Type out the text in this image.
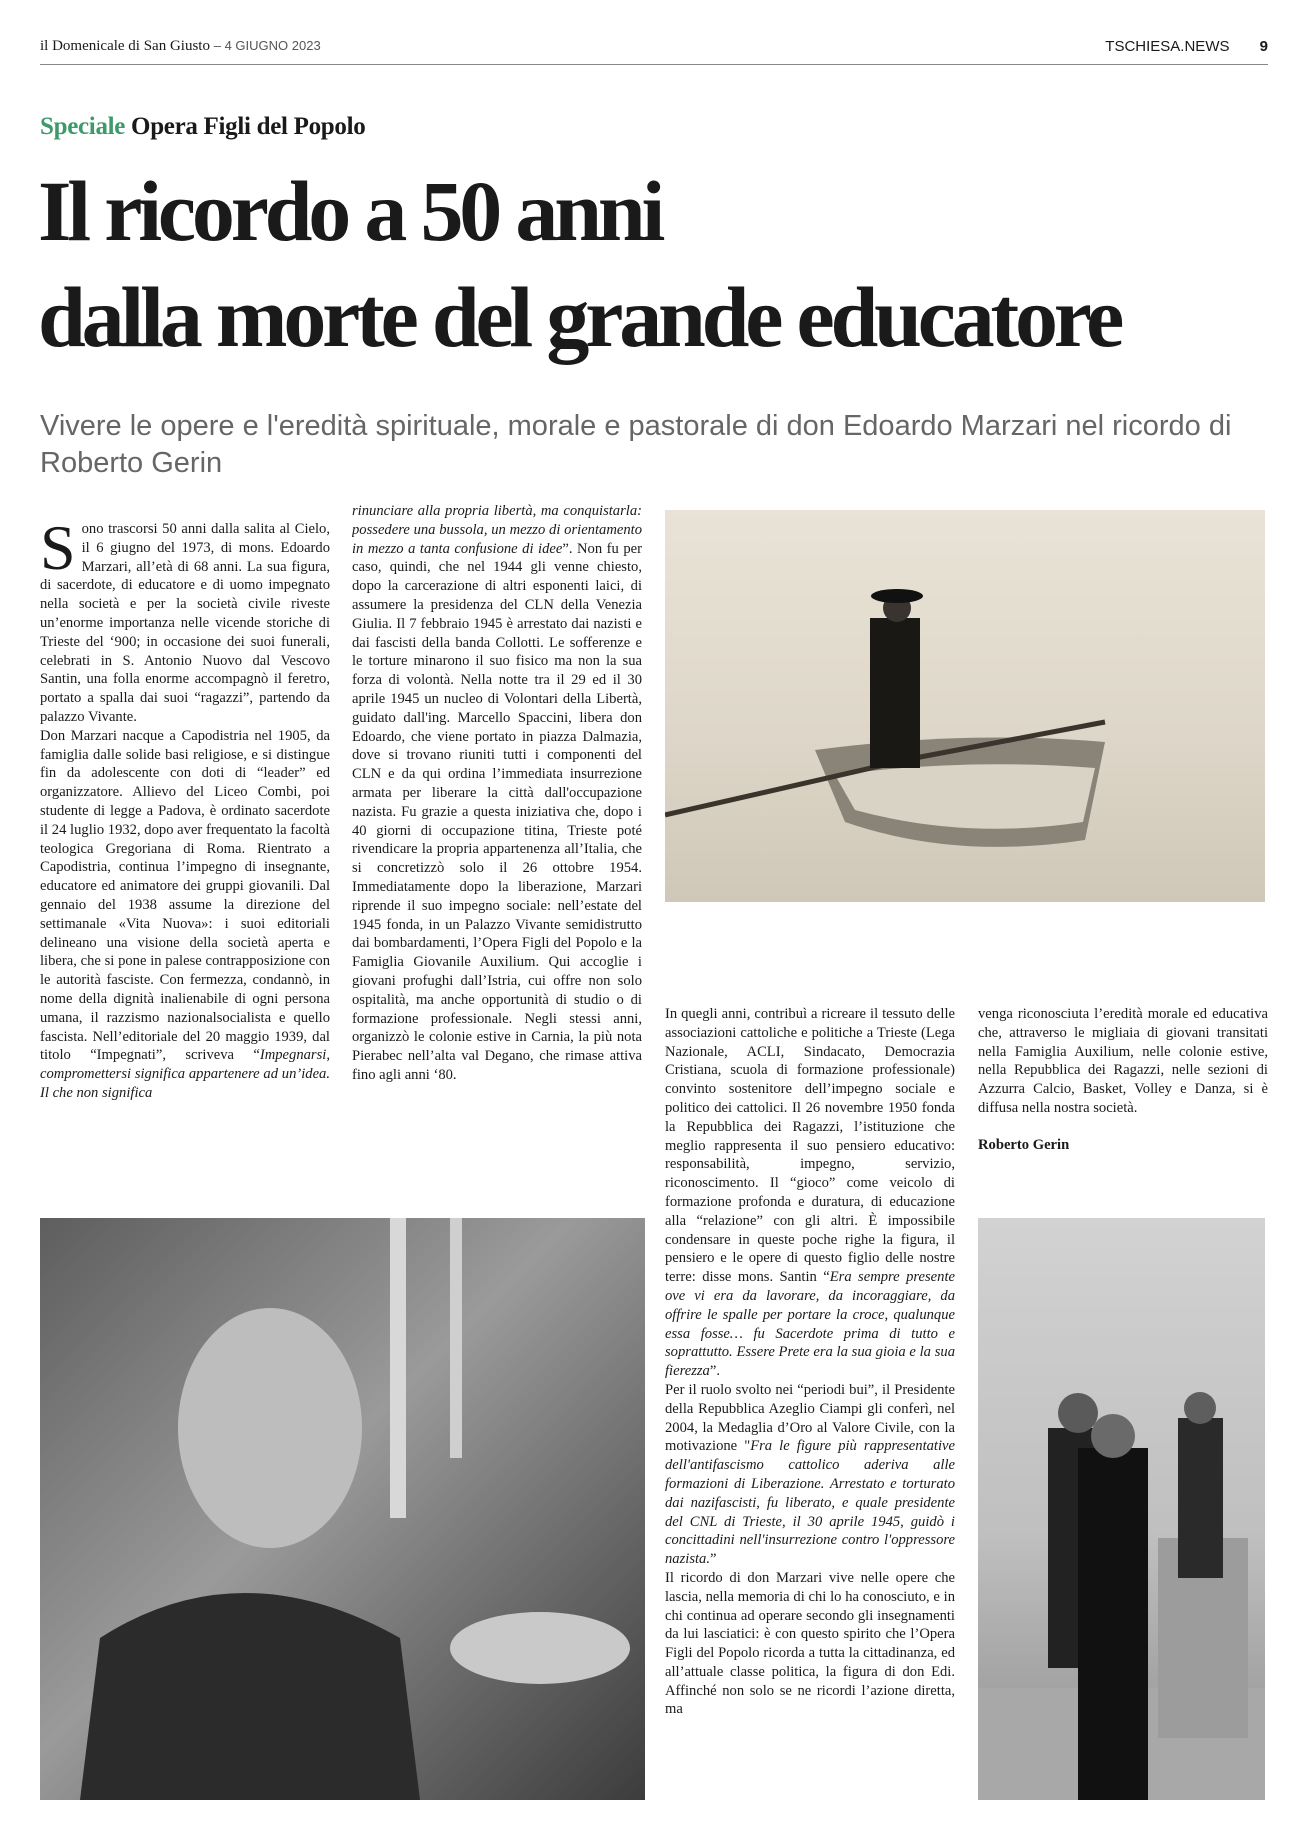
il Domenicale di San Giusto – 4 GIUGNO 2023	TSCHIESA.NEWS 9
Speciale Opera Figli del Popolo
Il ricordo a 50 anni
dalla morte del grande educatore
Vivere le opere e l'eredità spirituale, morale e pastorale di don Edoardo Marzari nel ricordo di Roberto Gerin

Sono trascorsi 50 anni dalla salita al Cielo, il 6 giugno del 1973, di mons. Edoardo Marzari, all’età di 68 anni. La sua figura, di sacerdote, di educatore e di uomo impegnato nella società e per la società civile riveste un’enorme importanza nelle vicende storiche di Trieste del ‘900; in occasione dei suoi funerali, celebrati in S. Antonio Nuovo dal Vescovo Santin, una folla enorme accompagnò il feretro, portato a spalla dai suoi “ragazzi”, partendo da palazzo Vivante.

Don Marzari nacque a Capodistria nel 1905, da famiglia dalle solide basi religiose, e si distingue fin da adolescente con doti di “leader” ed organizzatore. Allievo del Liceo Combi, poi studente di legge a Padova, è ordinato sacerdote il 24 luglio 1932, dopo aver frequentato la facoltà teologica Gregoriana di Roma. Rientrato a Capodistria, continua l’impegno di insegnante, educatore ed animatore dei gruppi giovanili. Dal gennaio del 1938 assume la direzione del settimanale «Vita Nuova»: i suoi editoriali delineano una visione della società aperta e libera, che si pone in palese contrapposizione con le autorità fasciste. Con fermezza, condannò, in nome della dignità inalienabile di ogni persona umana, il razzismo nazionalsocialista e quello fascista. Nell’editoriale del 20 maggio 1939, dal titolo “Impegnati”, scriveva “Impegnarsi, compromettersi significa appartenere ad un’idea. Il che non significa

rinunciare alla propria libertà, ma conquistarla: possedere una bussola, un mezzo di orientamento in mezzo a tanta confusione di idee”. Non fu per caso, quindi, che nel 1944 gli venne chiesto, dopo la carcerazione di altri esponenti laici, di assumere la presidenza del CLN della Venezia Giulia. Il 7 febbraio 1945 è arrestato dai nazisti e dai fascisti della banda Collotti. Le sofferenze e le torture minarono il suo fisico ma non la sua forza di volontà. Nella notte tra il 29 ed il 30 aprile 1945 un nucleo di Volontari della Libertà, guidato dall'ing. Marcello Spaccini, libera don Edoardo, che viene portato in piazza Dalmazia, dove si trovano riuniti tutti i componenti del CLN e da qui ordina l’immediata insurrezione armata per liberare la città dall'occupazione nazista. Fu grazie a questa iniziativa che, dopo i 40 giorni di occupazione titina, Trieste poté rivendicare la propria appartenenza all’Italia, che si concretizzò solo il 26 ottobre 1954. Immediatamente dopo la liberazione, Marzari riprende il suo impegno sociale: nell’estate del 1945 fonda, in un Palazzo Vivante semidistrutto dai bombardamenti, l’Opera Figli del Popolo e la Famiglia Giovanile Auxilium. Qui accoglie i giovani profughi dall’Istria, cui offre non solo ospitalità, ma anche opportunità di studio o di formazione professionale. Negli stessi anni, organizzò le colonie estive in Carnia, la più nota Pierabec nell’alta val Degano, che rimase attiva fino agli anni ‘80.

In quegli anni, contribuì a ricreare il tessuto delle associazioni cattoliche e politiche a Trieste (Lega Nazionale, ACLI, Sindacato, Democrazia Cristiana, scuola di formazione professionale) convinto sostenitore dell’impegno sociale e politico dei cattolici. Il 26 novembre 1950 fonda la Repubblica dei Ragazzi, l’istituzione che meglio rappresenta il suo pensiero educativo: responsabilità, impegno, servizio, riconoscimento. Il “gioco” come veicolo di formazione profonda e duratura, di educazione alla “relazione” con gli altri. È impossibile condensare in queste poche righe la figura, il pensiero e le opere di questo figlio delle nostre terre: disse mons. Santin “Era sempre presente ove vi era da lavorare, da incoraggiare, da offrire le spalle per portare la croce, qualunque essa fosse… fu Sacerdote prima di tutto e soprattutto. Essere Prete era la sua gioia e la sua fierezza”.

Per il ruolo svolto nei “periodi bui”, il Presidente della Repubblica Azeglio Ciampi gli conferì, nel 2004, la Medaglia d’Oro al Valore Civile, con la motivazione "Fra le figure più rappresentative dell'antifascismo cattolico aderiva alle formazioni di Liberazione. Arrestato e torturato dai nazifascisti, fu liberato, e quale presidente del CNL di Trieste, il 30 aprile 1945, guidò i concittadini nell'insurrezione contro l'oppressore nazista.”

Il ricordo di don Marzari vive nelle opere che lascia, nella memoria di chi lo ha conosciuto, e in chi continua ad operare secondo gli insegnamenti da lui lasciatici: è con questo spirito che l’Opera Figli del Popolo ricorda a tutta la cittadinanza, ed all’attuale classe politica, la figura di don Edi. Affinché non solo se ne ricordi l’azione diretta, ma

venga riconosciuta l’eredità morale ed educativa che, attraverso le migliaia di giovani transitati nella Famiglia Auxilium, nelle colonie estive, nella Repubblica dei Ragazzi, nelle sezioni di Azzurra Calcio, Basket, Volley e Danza, si è diffusa nella nostra società.

Roberto Gerin
